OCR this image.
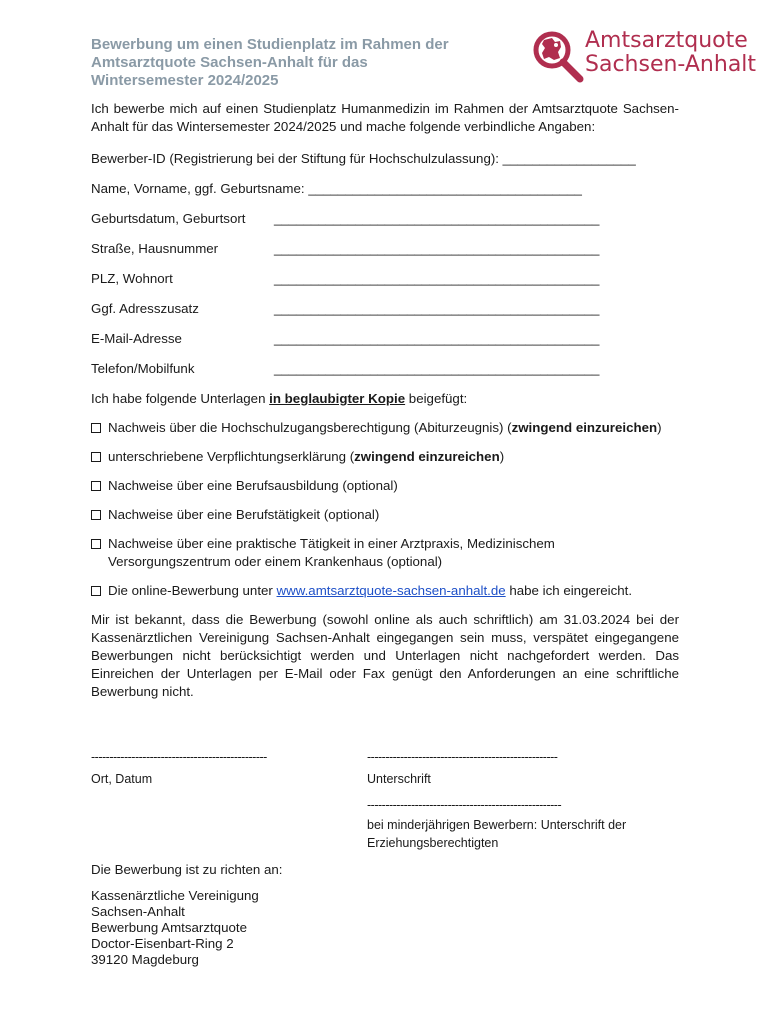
Bewerbung um einen Studienplatz im Rahmen der
Amtsarztquote Sachsen-Anhalt für das
Wintersemester 2024/2025
Amtsarztquote
Sachsen-Anhalt

Ich bewerbe mich auf einen Studienplatz Humanmedizin im Rahmen der Amtsarztquote Sachsen-Anhalt für das Wintersemester 2024/2025 und mache folgende verbindliche Angaben:

Bewerber-ID (Registrierung bei der Stiftung für Hochschulzulassung): __________________
Name, Vorname, ggf. Geburtsname: _____________________________________
Geburtsdatum, Geburtsort ____________________________________________
Straße, Hausnummer	____________________________________________
PLZ, Wohnort	____________________________________________
Ggf. Adresszusatz	____________________________________________
E-Mail-Adresse	____________________________________________
Telefon/Mobilfunk	____________________________________________
Ich habe folgende Unterlagen in beglaubigter Kopie beigefügt:
Nachweis über die Hochschulzugangsberechtigung (Abiturzeugnis) (zwingend einzureichen)
unterschriebene Verpflichtungserklärung (zwingend einzureichen)
Nachweise über eine Berufsausbildung (optional)
Nachweise über eine Berufstätigkeit (optional)
Nachweise über eine praktische Tätigkeit in einer Arztpraxis, Medizinischem Versorgungszentrum oder einem Krankenhaus (optional)
Die online-Bewerbung unter www.amtsarztquote-sachsen-anhalt.de habe ich eingereicht.

Mir ist bekannt, dass die Bewerbung (sowohl online als auch schriftlich) am 31.03.2024 bei der Kassenärztlichen Vereinigung Sachsen-Anhalt eingegangen sein muss, verspätet eingegangene Bewerbungen nicht berücksichtigt werden und Unterlagen nicht nachgefordert werden. Das Einreichen der Unterlagen per E-Mail oder Fax genügt den Anforderungen an eine schriftliche Bewerbung nicht.

------------------------------------------------
Ort, Datum
----------------------------------------------------
Unterschrift
-----------------------------------------------------
bei minderjährigen Bewerbern: Unterschrift der Erziehungsberechtigten
Die Bewerbung ist zu richten an:
Kassenärztliche Vereinigung
Sachsen-Anhalt
Bewerbung Amtsarztquote
Doctor-Eisenbart-Ring 2
39120 Magdeburg
